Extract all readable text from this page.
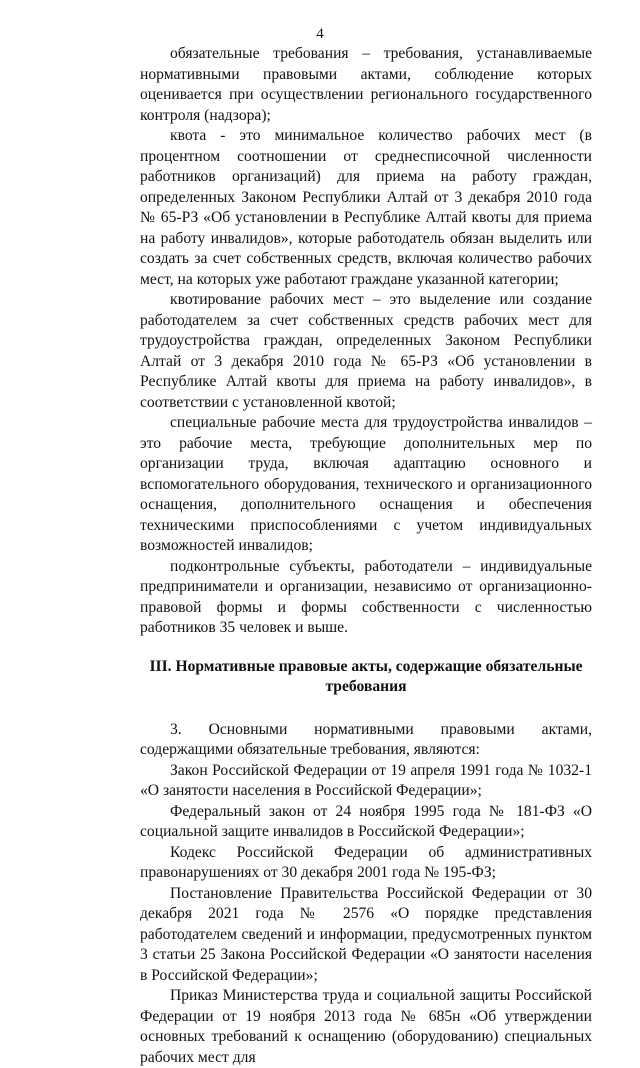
4

обязательные требования – требования, устанавливаемые нормативными правовыми актами, соблюдение которых оценивается при осуществлении регионального государственного контроля (надзора);

квота - это минимальное количество рабочих мест (в процентном соотношении от среднесписочной численности работников организаций) для приема на работу граждан, определенных Законом Республики Алтай от 3 декабря 2010 года № 65-РЗ «Об установлении в Республике Алтай квоты для приема на работу инвалидов», которые работодатель обязан выделить или создать за счет собственных средств, включая количество рабочих мест, на которых уже работают граждане указанной категории;

квотирование рабочих мест – это выделение или создание работодателем за счет собственных средств рабочих мест для трудоустройства граждан, определенных Законом Республики Алтай от 3 декабря 2010 года № 65-РЗ «Об установлении в Республике Алтай квоты для приема на работу инвалидов», в соответствии с установленной квотой;

специальные рабочие места для трудоустройства инвалидов – это рабочие места, требующие дополнительных мер по организации труда, включая адаптацию основного и вспомогательного оборудования, технического и организационного оснащения, дополнительного оснащения и обеспечения техническими приспособлениями с учетом индивидуальных возможностей инвалидов;

подконтрольные субъекты, работодатели – индивидуальные предприниматели и организации, независимо от организационно-правовой формы и формы собственности с численностью работников 35 человек и выше.

III. Нормативные правовые акты, содержащие обязательные требования

3. Основными нормативными правовыми актами, содержащими обязательные требования, являются:

Закон Российской Федерации от 19 апреля 1991 года № 1032-1 «О занятости населения в Российской Федерации»;

Федеральный закон от 24 ноября 1995 года № 181-ФЗ «О социальной защите инвалидов в Российской Федерации»;

Кодекс Российской Федерации об административных правонарушениях от 30 декабря 2001 года № 195-ФЗ;

Постановление Правительства Российской Федерации от 30 декабря 2021 года № 2576 «О порядке представления работодателем сведений и информации, предусмотренных пунктом 3 статьи 25 Закона Российской Федерации «О занятости населения в Российской Федерации»;

Приказ Министерства труда и социальной защиты Российской Федерации от 19 ноября 2013 года № 685н «Об утверждении основных требований к оснащению (оборудованию) специальных рабочих мест для
